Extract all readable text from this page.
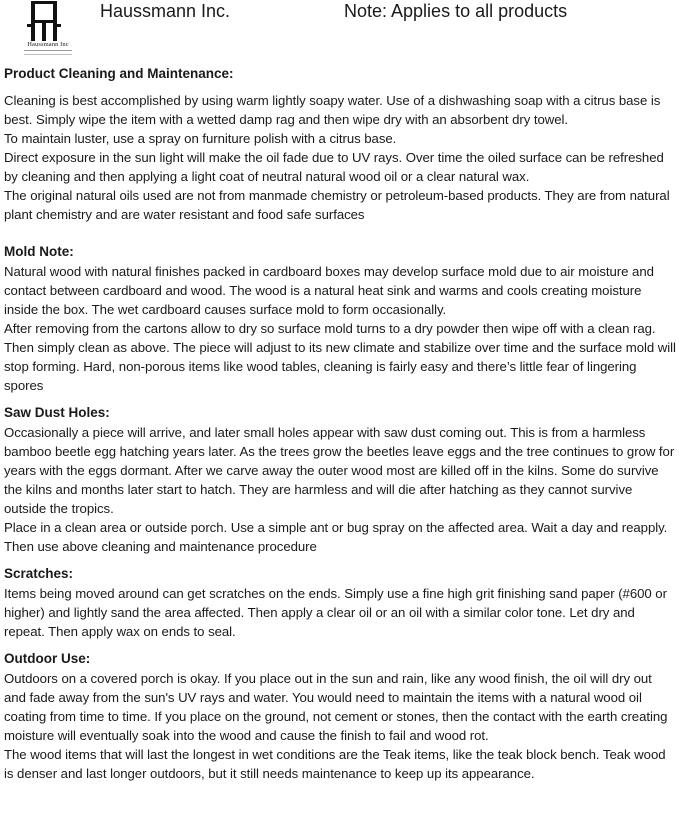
Haussmann Inc
Haussmann Inc.	Note: Applies to all products

Product Cleaning and Maintenance:

Cleaning is best accomplished by using warm lightly soapy water. Use of a dishwashing soap with a citrus base is best. Simply wipe the item with a wetted damp rag and then wipe dry with an absorbent dry towel.

To maintain luster, use a spray on furniture polish with a citrus base.

Direct exposure in the sun light will make the oil fade due to UV rays. Over time the oiled surface can be refreshed by cleaning and then applying a light coat of neutral natural wood oil or a clear natural wax.

The original natural oils used are not from manmade chemistry or petroleum-based products. They are from natural plant chemistry and are water resistant and food safe surfaces

Mold Note:

Natural wood with natural finishes packed in cardboard boxes may develop surface mold due to air moisture and contact between cardboard and wood. The wood is a natural heat sink and warms and cools creating moisture inside the box. The wet cardboard causes surface mold to form occasionally.

After removing from the cartons allow to dry so surface mold turns to a dry powder then wipe off with a clean rag.

Then simply clean as above. The piece will adjust to its new climate and stabilize over time and the surface mold will stop forming. Hard, non-porous items like wood tables, cleaning is fairly easy and there’s little fear of lingering spores

Saw Dust Holes:

Occasionally a piece will arrive, and later small holes appear with saw dust coming out. This is from a harmless bamboo beetle egg hatching years later. As the trees grow the beetles leave eggs and the tree continues to grow for years with the eggs dormant. After we carve away the outer wood most are killed off in the kilns. Some do survive the kilns and months later start to hatch. They are harmless and will die after hatching as they cannot survive outside the tropics.

Place in a clean area or outside porch. Use a simple ant or bug spray on the affected area. Wait a day and reapply. Then use above cleaning and maintenance procedure

Scratches:

Items being moved around can get scratches on the ends. Simply use a fine high grit finishing sand paper (#600 or higher) and lightly sand the area affected. Then apply a clear oil or an oil with a similar color tone. Let dry and repeat. Then apply wax on ends to seal.

Outdoor Use:

Outdoors on a covered porch is okay. If you place out in the sun and rain, like any wood finish, the oil will dry out and fade away from the sun's UV rays and water. You would need to maintain the items with a natural wood oil coating from time to time. If you place on the ground, not cement or stones, then the contact with the earth creating moisture will eventually soak into the wood and cause the finish to fail and wood rot.

The wood items that will last the longest in wet conditions are the Teak items, like the teak block bench. Teak wood is denser and last longer outdoors, but it still needs maintenance to keep up its appearance.
